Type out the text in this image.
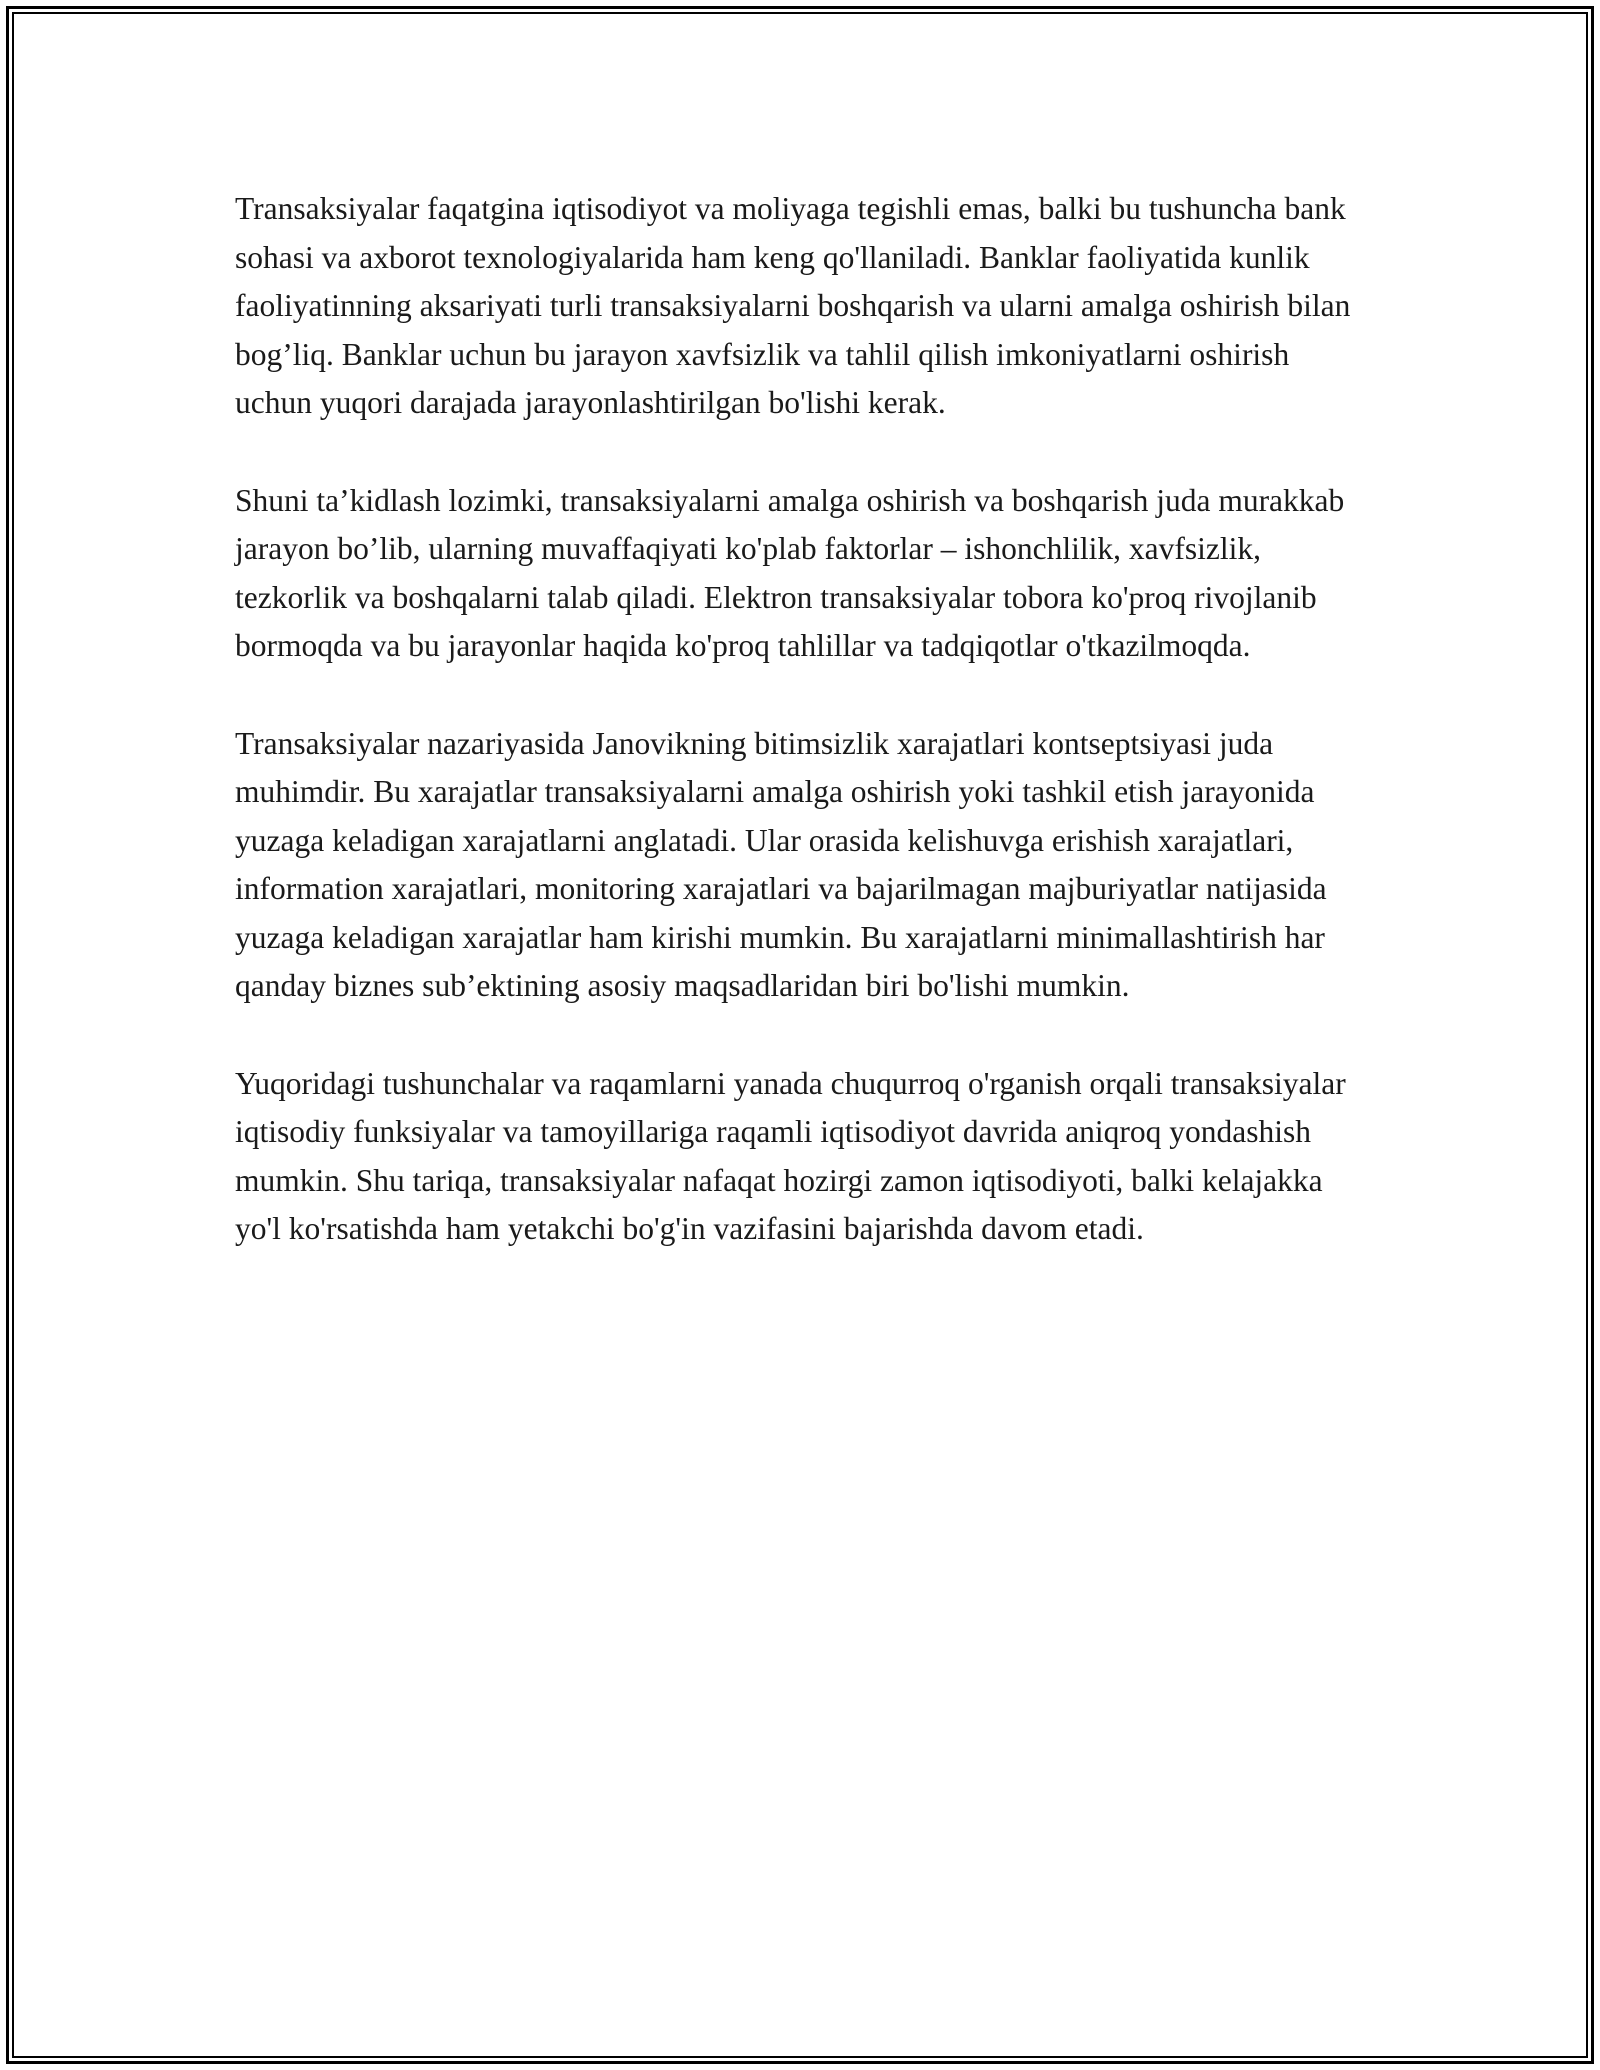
Transaksiyalar faqatgina iqtisodiyot va moliyaga tegishli emas, balki bu tushuncha bank sohasi va axborot texnologiyalarida ham keng qo'llaniladi. Banklar faoliyatida kunlik faoliyatinning aksariyati turli transaksiyalarni boshqarish va ularni amalga oshirish bilan bog’liq. Banklar uchun bu jarayon xavfsizlik va tahlil qilish imkoniyatlarni oshirish uchun yuqori darajada jarayonlashtirilgan bo'lishi kerak.

Shuni ta’kidlash lozimki, transaksiyalarni amalga oshirish va boshqarish juda murakkab jarayon bo’lib, ularning muvaffaqiyati ko'plab faktorlar – ishonchlilik, xavfsizlik, tezkorlik va boshqalarni talab qiladi. Elektron transaksiyalar tobora ko'proq rivojlanib bormoqda va bu jarayonlar haqida ko'proq tahlillar va tadqiqotlar o'tkazilmoqda.

Transaksiyalar nazariyasida Janovikning bitimsizlik xarajatlari kontseptsiyasi juda muhimdir. Bu xarajatlar transaksiyalarni amalga oshirish yoki tashkil etish jarayonida yuzaga keladigan xarajatlarni anglatadi. Ular orasida kelishuvga erishish xarajatlari, information xarajatlari, monitoring xarajatlari va bajarilmagan majburiyatlar natijasida yuzaga keladigan xarajatlar ham kirishi mumkin. Bu xarajatlarni minimallashtirish har qanday biznes sub’ektining asosiy maqsadlaridan biri bo'lishi mumkin.

Yuqoridagi tushunchalar va raqamlarni yanada chuqurroq o'rganish orqali transaksiyalar iqtisodiy funksiyalar va tamoyillariga raqamli iqtisodiyot davrida aniqroq yondashish mumkin. Shu tariqa, transaksiyalar nafaqat hozirgi zamon iqtisodiyoti, balki kelajakka yo'l ko'rsatishda ham yetakchi bo'g'in vazifasini bajarishda davom etadi.
